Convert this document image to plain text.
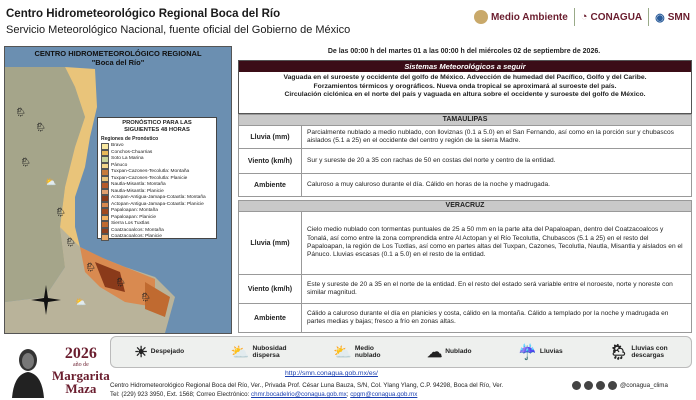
Centro Hidrometeorológico Regional Boca del Río
Servicio Meteorológico Nacional, fuente oficial del Gobierno de México
Medio Ambiente ◔ CONAGUA ◉ SMN
CENTRO HIDROMETEOROLÓGICO REGIONAL
"Boca del Río"
PRONÓSTICO PARA LAS
SIGUIENTES 48 HORAS
Regiones de Pronóstico
Bravo
Conchos-Chuarrias
Soto La Marina
Pánuco
Tuxpan-Cazones-Tecolutla: Montaña
Tuxpan-Cazones-Tecolutla: Planicie
Nautla-Misantla: Montaña
Nautla-Misantla: Planicie
Actopan-Antigua-Jamapa-Cotaxtla: Montaña
Actopan-Antigua-Jamapa-Cotaxtla: Planicie
Papaloapan: Montaña
Papaloapan: Planicie
Sierra Los Tuxtlas
Coatzacoalcos: Montaña
Coatzacoalcos: Planicie
🌦
🌦
🌦
⛅
🌦
🌦
🌦
🌦
🌦
⛅
De las 00:00 h del martes 01 a las 00:00 h del miércoles 02 de septiembre de 2026.
Sistemas Meteorológicos a seguir
Vaguada en el suroeste y occidente del golfo de México. Advección de humedad del Pacífico, Golfo y del Caribe.
Forzamientos térmicos y orográficos. Nueva onda tropical se aproximará al suroeste del país.
Circulación ciclónica en el norte del país y vaguada en altura sobre el occidente y suroeste del golfo de México.
TAMAULIPAS
Lluvia (mm)
Parcialmente nublado a medio nublado, con lloviznas (0.1 a 5.0) en el San Fernando, así como en la porción sur y chubascos aislados (5.1 a 25) en el occidente del centro y región de la sierra Madre.
Viento (km/h)	Sur y sureste de 20 a 35 con rachas de 50 en costas del norte y centro de la entidad.
Ambiente	Caluroso a muy caluroso durante el día. Cálido en horas de la noche y madrugada.
VERACRUZ
Lluvia (mm)
Cielo medio nublado con tormentas puntuales de 25 a 50 mm en la parte alta del Papaloapan, dentro del Coatzacoalcos y Tonalá, así como entre la zona comprendida entre Al Actopan y el Río Tecolutla, Chubascos (5.1 a 25) en el resto del Papaloapan, la región de Los Tuxtlas, así como en partes altas del Tuxpan, Cazones, Tecolutla, Nautla, Misantla y aislados en el Pánuco. Lluvias escasas (0.1 a 5.0) en el resto de la entidad.
Viento (km/h)
Este y sureste de 20 a 35 en el norte de la entidad. En el resto del estado será variable entre el noroeste, norte y noreste con similar magnitud.
Ambiente
Cálido a caluroso durante el día en planicies y costa, cálido en la montaña. Cálido a templado por la noche y madrugada en partes medias y bajas; fresco a frío en zonas altas.
☀ Despejado	⛅ Nubosidad
dispersa	⛅ Medio
nublado	☁ Nublado	☔ Lluvias	🌦 Lluvias con
descargas
2026
año de
Margarita
Maza
http://smn.conagua.gob.mx/es/
Centro Hidrometeorológico Regional Boca del Río, Ver., Privada Prof. César Luna Bauza, S/N, Col. Ylang Ylang, C.P. 94298, Boca del Río, Ver.
Tel: (229) 923 3950, Ext. 1568; Correo Electrónico: chmr.bocadelrio@conagua.gob.mx; cpgm@conagua.gob.mx
@conagua_clima
